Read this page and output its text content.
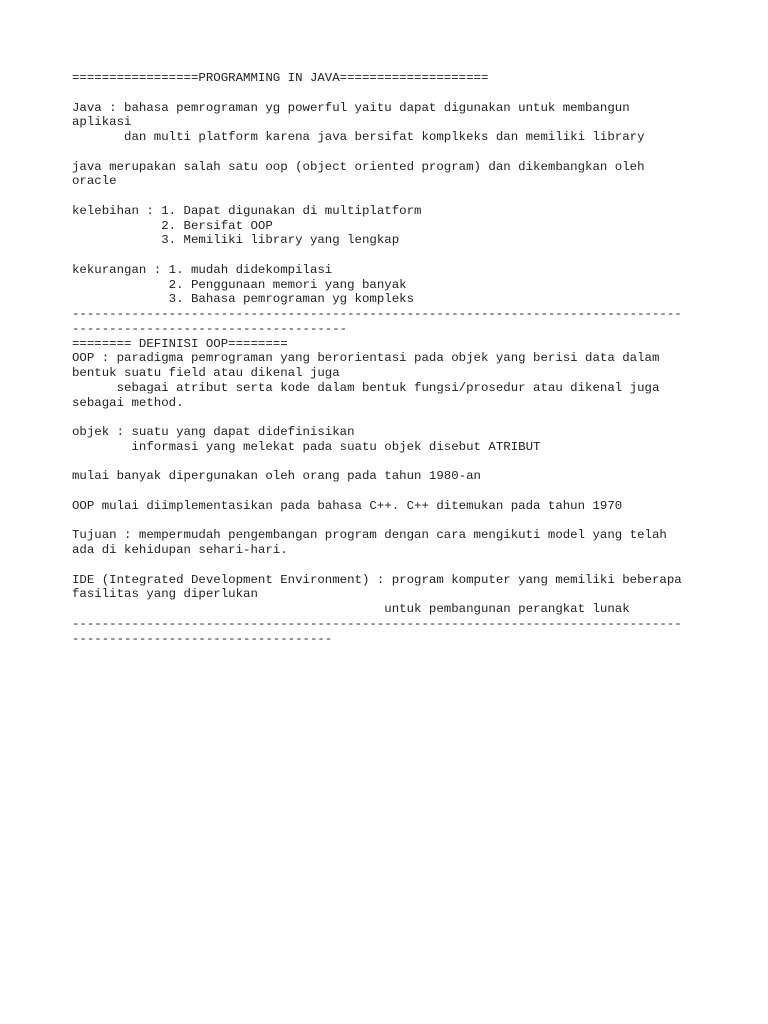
=================PROGRAMMING IN JAVA====================
Java : bahasa pemrograman yg powerful yaitu dapat digunakan untuk membangun
aplikasi
dan multi platform karena java bersifat komplkeks dan memiliki library
java merupakan salah satu oop (object oriented program) dan dikembangkan oleh
oracle
kelebihan : 1. Dapat digunakan di multiplatform
2. Bersifat OOP
3. Memiliki library yang lengkap
kekurangan : 1. mudah didekompilasi
2. Penggunaan memori yang banyak
3. Bahasa pemrograman yg kompleks
----------------------------------------------------------------------------------
-------------------------------------
======== DEFINISI OOP========
OOP : paradigma pemrograman yang berorientasi pada objek yang berisi data dalam
bentuk suatu field atau dikenal juga
sebagai atribut serta kode dalam bentuk fungsi/prosedur atau dikenal juga
sebagai method.
objek : suatu yang dapat didefinisikan
informasi yang melekat pada suatu objek disebut ATRIBUT
mulai banyak dipergunakan oleh orang pada tahun 1980-an
OOP mulai diimplementasikan pada bahasa C++. C++ ditemukan pada tahun 1970
Tujuan : mempermudah pengembangan program dengan cara mengikuti model yang telah
ada di kehidupan sehari-hari.
IDE (Integrated Development Environment) : program komputer yang memiliki beberapa
fasilitas yang diperlukan
untuk pembangunan perangkat lunak
----------------------------------------------------------------------------------
-----------------------------------
